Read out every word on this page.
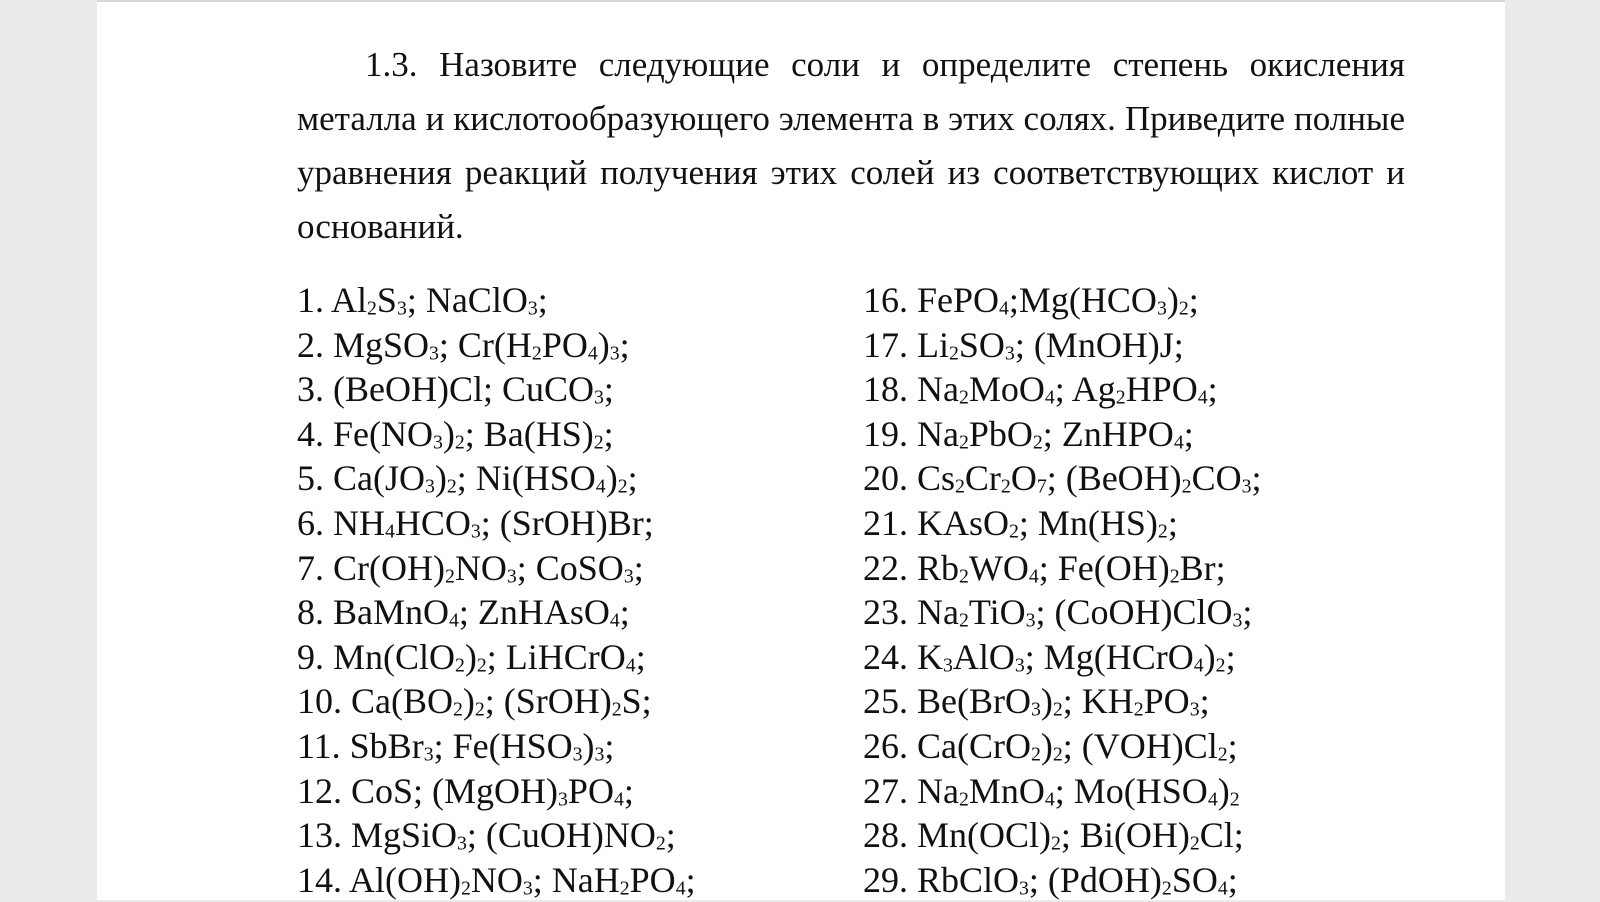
1.3. Назовите следующие соли и определите степень окисления металла и кислотообразующего элемента в этих солях. Приведите полные уравнения реакций получения этих солей из соответствующих кислот и оснований.
1. $Al_2S_3$; NaClO$_3$;
2. MgSO$_3$; $Cr(H_2PO_4)_3$;
3. (BeOH)Cl; CuCO$_3$;
4. $Fe(NO_3)_2$; $Ba(HS)_2$;
5. $Ca(JO_3)_2$; $Ni(HSO_4)_2$;
6. $NH_4HCO_3$; (SrOH)Br;
7. $Cr(OH)_2NO_3$; CoSO$_3$;
8. BaMnO$_4$; ZnHAsO$_4$;
9. $Mn(ClO_2)_2$; LiHCrO$_4$;
10. $Ca(BO_2)_2$; $(SrOH)_2S$;
11. SbBr$_3$; $Fe(HSO_3)_3$;
12. CoS; $(MgOH)_3PO_4$;
13. MgSiO$_3$; $(CuOH)NO_2$;
14. $Al(OH)_2NO_3$; $NaH_2PO_4$;
16. $FePO_4;Mg(HCO_3)_2$;
17. $Li_2SO_3$; (MnOH)J;
18. $Na_2MoO_4$; $Ag_2HPO_4$;
19. $Na_2PbO_2$; ZnHPO$_4$;
20. $Cs_2Cr_2O_7$; $(BeOH)_2CO_3$;
21. KAsO$_2$; $Mn(HS)_2$;
22. $Rb_2WO_4$; $Fe(OH)_2Br$;
23. $Na_2TiO_3$; (CoOH)ClO$_3$;
24. $K_3AlO_3$; $Mg(HCrO_4)_2$;
25. $Be(BrO_3)_2$; $KH_2PO_3$;
26. $Ca(CrO_2)_2$; $(VOH)Cl_2$;
27. $Na_2MnO_4$; $Mo(HSO_4)_2$
28. $Mn(OCl)_2$; $Bi(OH)_2Cl$;
29. RbClO$_3$; $(PdOH)_2SO_4$;
